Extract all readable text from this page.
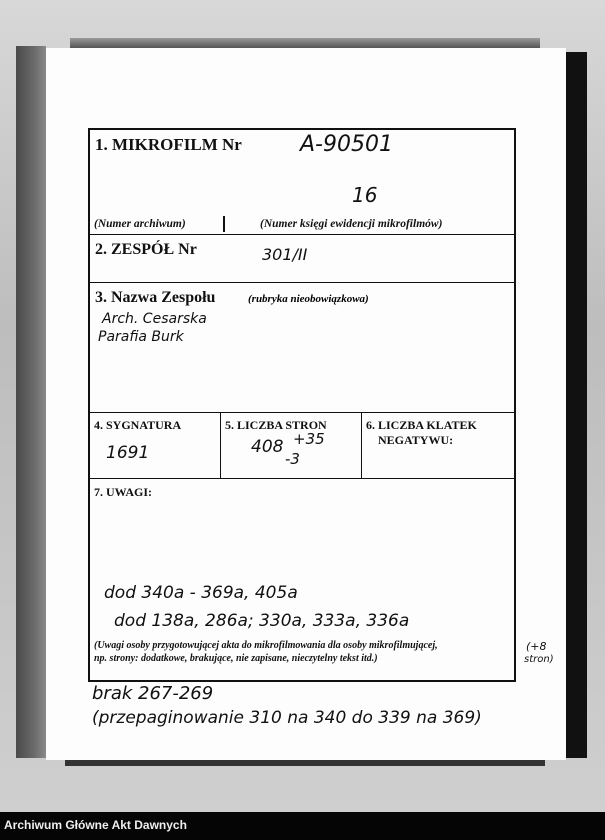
1. MIKROFILM Nr	A-90501
16
(Numer archiwum)	(Numer księgi ewidencji mikrofilmów)
2. ZESPÓŁ Nr	301/II
3. Nazwa Zespołu	(rubryka nieobowiązkowa)
Arch. Cesarska
Parafia Burk
4. SYGNATURA
1691
5. LICZBA STRON
408 +35
-3
6. LICZBA KLATEK
NEGATYWU:
7. UWAGI:
dod 340a - 369a, 405a
dod 138a, 286a; 330a, 333a, 336a
(Uwagi osoby przygotowującej akta do mikrofilmowania dla osoby mikrofilmującej,
np. strony: dodatkowe, brakujące, nie zapisane, nieczytelny tekst itd.)
(+8
stron)
brak 267-269
(przepaginowanie 310 na 340 do 339 na 369)
Archiwum Główne Akt Dawnych
